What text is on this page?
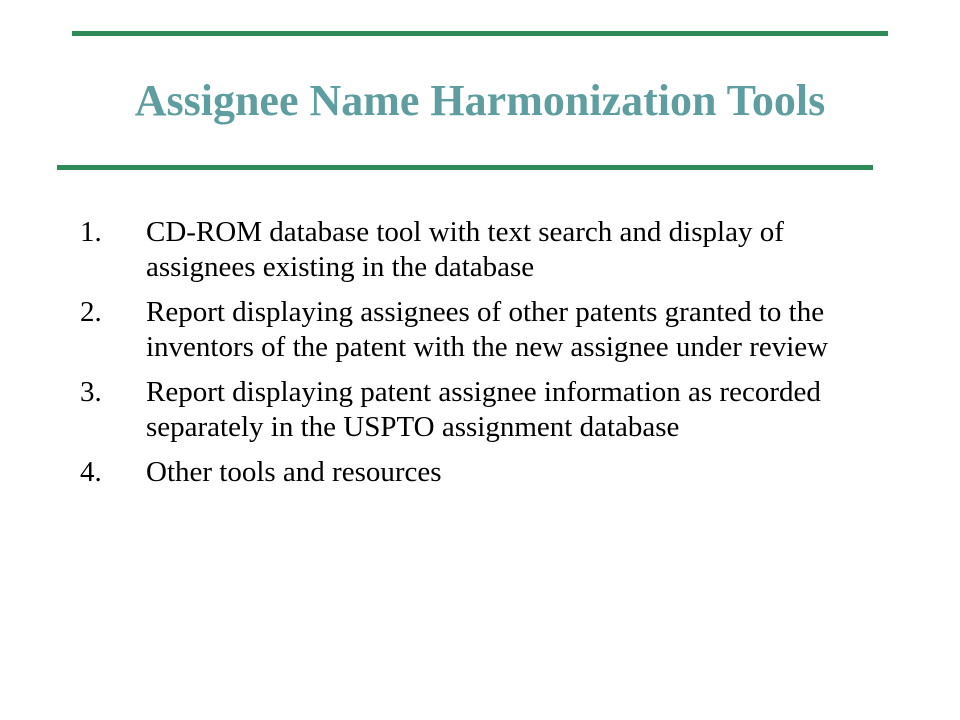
Assignee Name Harmonization Tools
1. CD-ROM database tool with text search and display of assignees existing in the database
2. Report displaying assignees of other patents granted to the inventors of the patent with the new assignee under review
3. Report displaying patent assignee information as recorded separately in the USPTO assignment database
4. Other tools and resources
